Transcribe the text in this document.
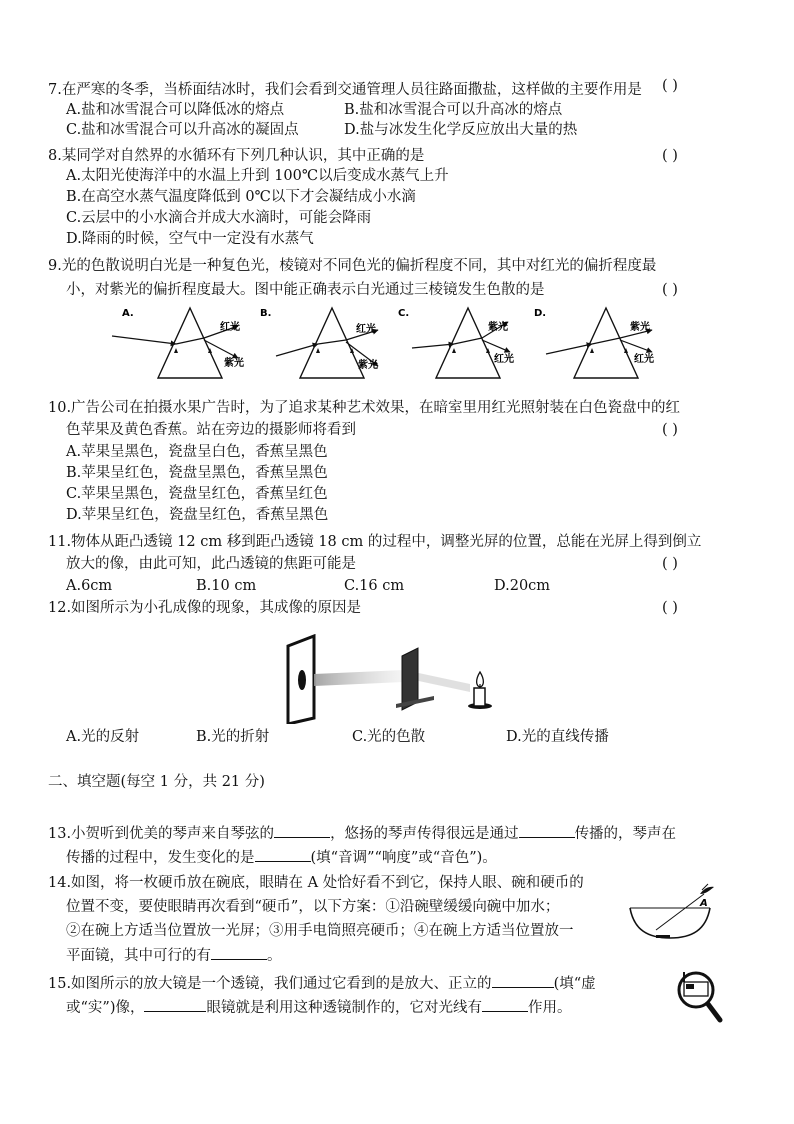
7.在严寒的冬季，当桥面结冰时，我们会看到交通管理人员往路面撒盐，这样做的主要作用是 ( )
A.盐和冰雪混合可以降低冰的熔点	B.盐和冰雪混合可以升高冰的熔点
C.盐和冰雪混合可以升高冰的凝固点	D.盐与冰发生化学反应放出大量的热
8.某同学对自然界的水循环有下列几种认识，其中正确的是	( )
A.太阳光使海洋中的水温上升到 100℃以后变成水蒸气上升
B.在高空水蒸气温度降低到 0℃以下才会凝结成小水滴
C.云层中的小水滴合并成大水滴时，可能会降雨
D.降雨的时候，空气中一定没有水蒸气
9.光的色散说明白光是一种复色光，棱镜对不同色光的偏折程度不同，其中对红光的偏折程度最
小，对紫光的偏折程度最大。图中能正确表示白光通过三棱镜发生色散的是	( )
A.
红光
紫光
B.
红光
紫光
C.
紫光
红光
D.
紫光
红光
10.广告公司在拍摄水果广告时，为了追求某种艺术效果，在暗室里用红光照射装在白色瓷盘中的红
色苹果及黄色香蕉。站在旁边的摄影师将看到	( )
A.苹果呈黑色，瓷盘呈白色，香蕉呈黑色
B.苹果呈红色，瓷盘呈黑色，香蕉呈黑色
C.苹果呈黑色，瓷盘呈红色，香蕉呈红色
D.苹果呈红色，瓷盘呈红色，香蕉呈黑色
11.物体从距凸透镜 12 cm 移到距凸透镜 18 cm 的过程中，调整光屏的位置，总能在光屏上得到倒立
放大的像，由此可知，此凸透镜的焦距可能是	( )
A.6cm	B.10 cm	C.16 cm	D.20cm
12.如图所示为小孔成像的现象，其成像的原因是	( )
A.光的反射	B.光的折射	C.光的色散	D.光的直线传播
二、填空题(每空 1 分，共 21 分)
13.小贺听到优美的琴声来自琴弦的	，悠扬的琴声传得很远是通过	传播的，琴声在
传播的过程中，发生变化的是	(填“音调”“响度”或“音色”)。
14.如图，将一枚硬币放在碗底，眼睛在 A 处恰好看不到它，保持人眼、碗和硬币的
位置不变，要使眼睛再次看到“硬币”，以下方案：①沿碗壁缓缓向碗中加水；
②在碗上方适当位置放一光屏；③用手电筒照亮硬币；④在碗上方适当位置放一
平面镜，其中可行的有	。
A
15.如图所示的放大镜是一个透镜，我们通过它看到的是放大、正立的	(填“虚
或“实”)像，	眼镜就是利用这种透镜制作的，它对光线有	作用。
